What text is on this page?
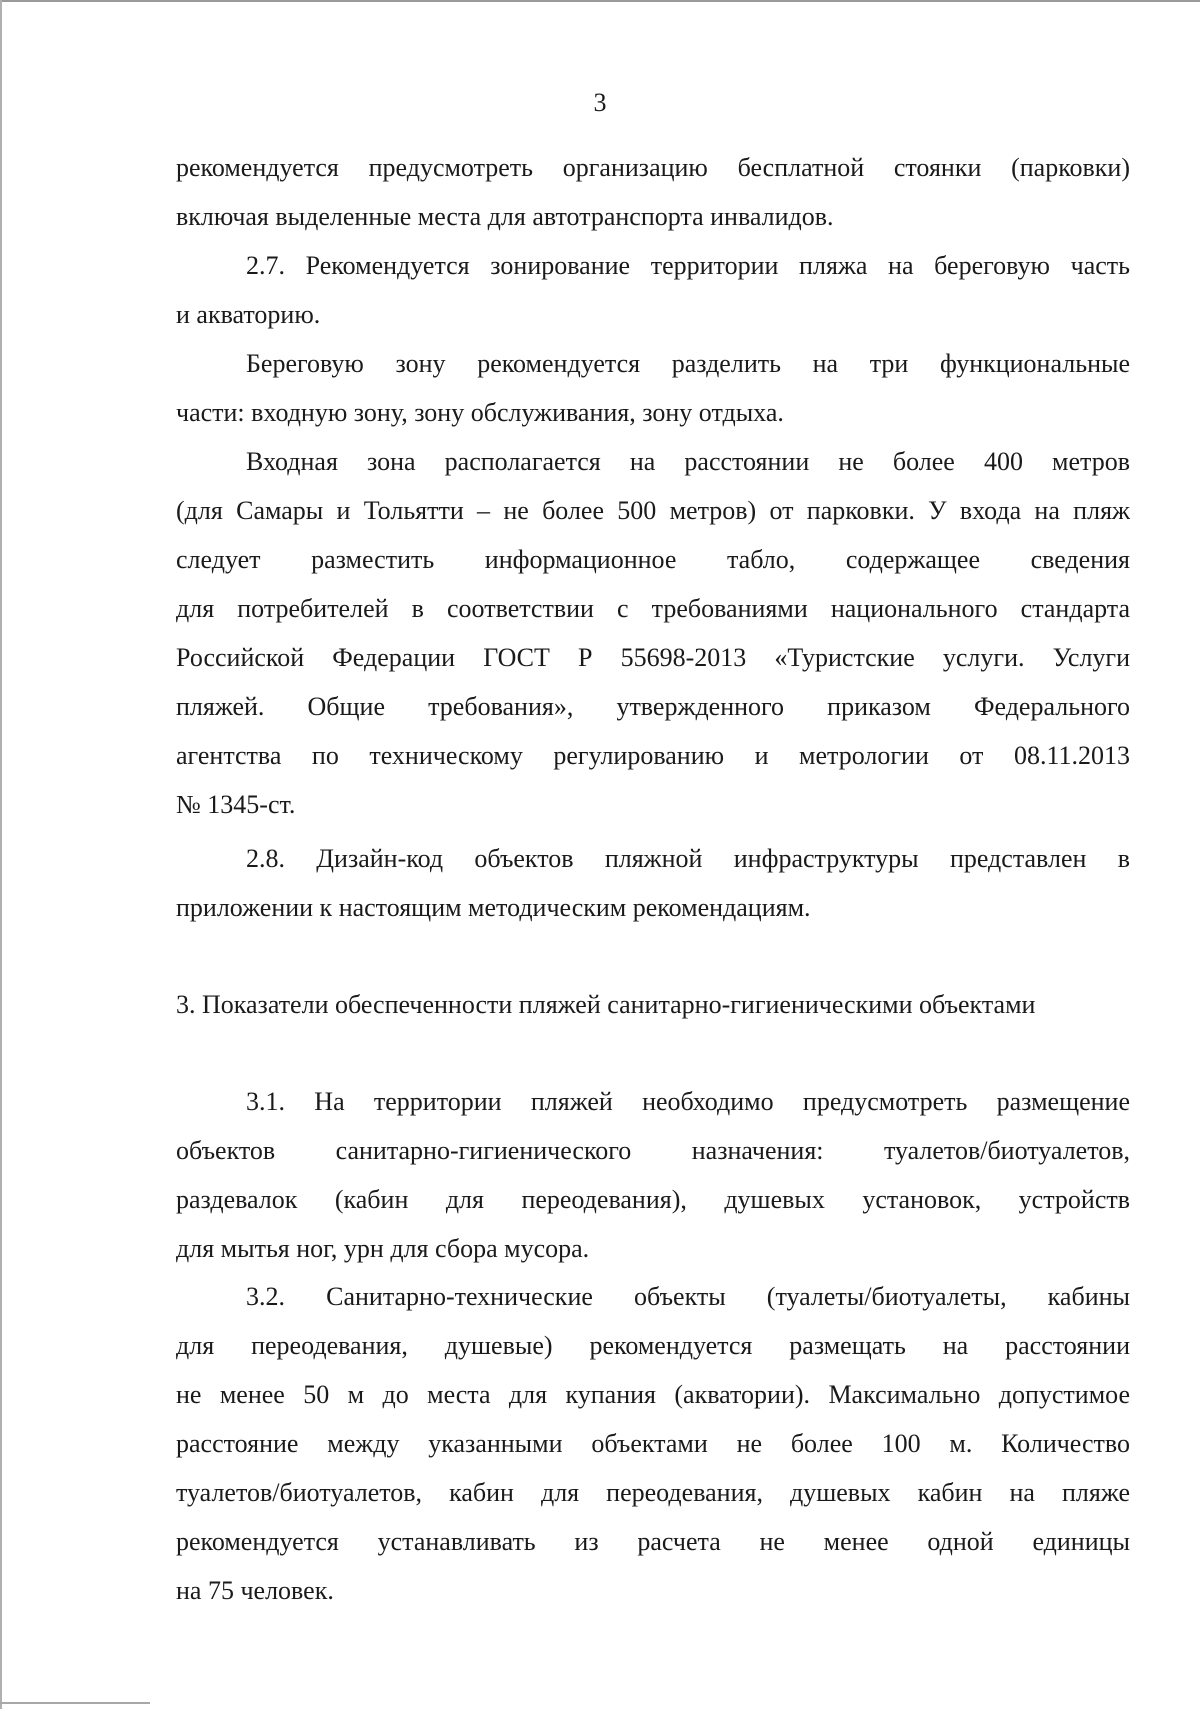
3
рекомендуется предусмотреть организацию бесплатной стоянки (парковки)
включая выделенные места для автотранспорта инвалидов.
2.7. Рекомендуется зонирование территории пляжа на береговую часть
и акваторию.
Береговую зону рекомендуется разделить на три функциональные
части: входную зону, зону обслуживания, зону отдыха.
Входная зона располагается на расстоянии не более 400 метров
(для Самары и Тольятти – не более 500 метров) от парковки. У входа на пляж
следует разместить информационное табло, содержащее сведения
для потребителей в соответствии с требованиями национального стандарта
Российской Федерации ГОСТ Р 55698-2013 «Туристские услуги. Услуги
пляжей. Общие требования», утвержденного приказом Федерального
агентства по техническому регулированию и метрологии от 08.11.2013
№ 1345-ст.
2.8. Дизайн-код объектов пляжной инфраструктуры представлен в
приложении к настоящим методическим рекомендациям.
3. Показатели обеспеченности пляжей санитарно-гигиеническими объектами
3.1. На территории пляжей необходимо предусмотреть размещение
объектов санитарно-гигиенического назначения: туалетов/биотуалетов,
раздевалок (кабин для переодевания), душевых установок, устройств
для мытья ног, урн для сбора мусора.
3.2. Санитарно-технические объекты (туалеты/биотуалеты, кабины
для переодевания, душевые) рекомендуется размещать на расстоянии
не менее 50 м до места для купания (акватории). Максимально допустимое
расстояние между указанными объектами не более 100 м. Количество
туалетов/биотуалетов, кабин для переодевания, душевых кабин на пляже
рекомендуется устанавливать из расчета не менее одной единицы
на 75 человек.
